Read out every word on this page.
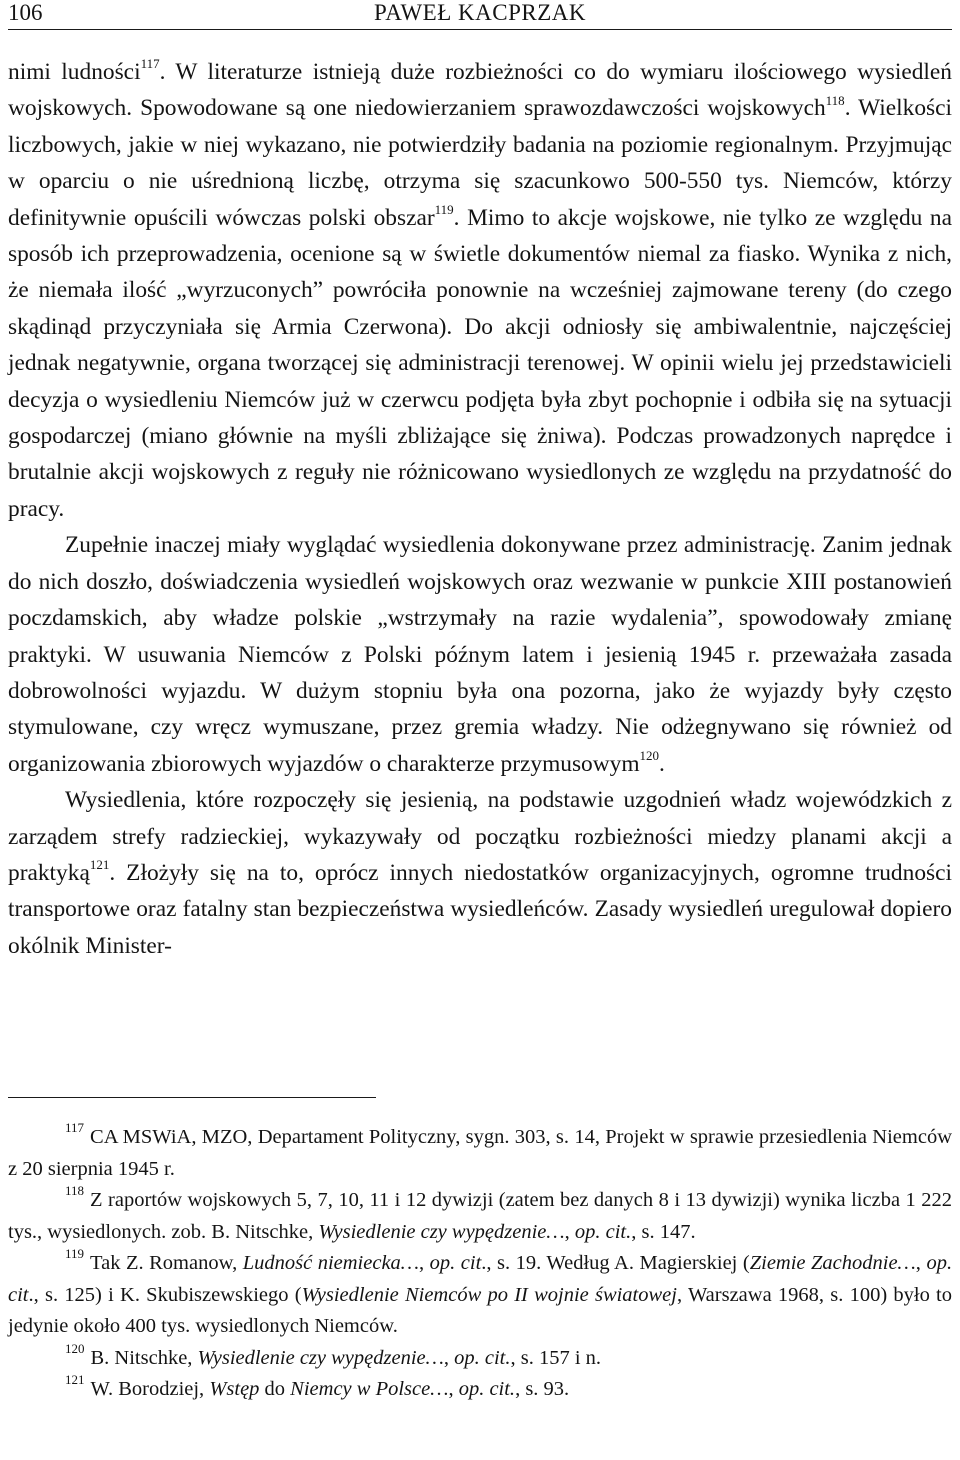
106	PAWEŁ KACPRZAK

nimi ludności$^{117}$. W literaturze istnieją duże rozbieżności co do wymiaru ilościowego wysiedleń wojskowych. Spowodowane są one niedowierzaniem sprawozdawczości wojskowych$^{118}$. Wielkości liczbowych, jakie w niej wykazano, nie potwierdziły badania na poziomie regionalnym. Przyjmując w oparciu o nie uśrednioną liczbę, otrzyma się szacunkowo 500-550 tys. Niemców, którzy definitywnie opuścili wówczas polski obszar$^{119}$. Mimo to akcje wojskowe, nie tylko ze względu na sposób ich przeprowadzenia, ocenione są w świetle dokumentów niemal za fiasko. Wynika z nich, że niemała ilość „wyrzuconych” powróciła ponownie na wcześniej zajmowane tereny (do czego skądinąd przyczyniała się Armia Czerwona). Do akcji odniosły się ambiwalentnie, najczęściej jednak negatywnie, organa tworzącej się administracji terenowej. W opinii wielu jej przedstawicieli decyzja o wysiedleniu Niemców już w czerwcu podjęta była zbyt pochopnie i odbiła się na sytuacji gospodarczej (miano głównie na myśli zbliżające się żniwa). Podczas prowadzonych naprędce i brutalnie akcji wojskowych z reguły nie różnicowano wysiedlonych ze względu na przydatność do pracy.

Zupełnie inaczej miały wyglądać wysiedlenia dokonywane przez administrację. Zanim jednak do nich doszło, doświadczenia wysiedleń wojskowych oraz wezwanie w punkcie XIII postanowień poczdamskich, aby władze polskie „wstrzymały na razie wydalenia”, spowodowały zmianę praktyki. W usuwania Niemców z Polski późnym latem i jesienią 1945 r. przeważała zasada dobrowolności wyjazdu. W dużym stopniu była ona pozorna, jako że wyjazdy były często stymulowane, czy wręcz wymuszane, przez gremia władzy. Nie odżegnywano się również od organizowania zbiorowych wyjazdów o charakterze przymusowym$^{120}$.

Wysiedlenia, które rozpoczęły się jesienią, na podstawie uzgodnień władz wojewódzkich z zarządem strefy radzieckiej, wykazywały od początku rozbieżności miedzy planami akcji a praktyką$^{121}$. Złożyły się na to, oprócz innych niedostatków organizacyjnych, ogromne trudności transportowe oraz fatalny stan bezpieczeństwa wysiedleńców. Zasady wysiedleń uregulował dopiero okólnik Minister-

$^{117}$ CA MSWiA, MZO, Departament Polityczny, sygn. 303, s. 14, Projekt w sprawie przesiedlenia Niemców z 20 sierpnia 1945 r.

$^{118}$ Z raportów wojskowych 5, 7, 10, 11 i 12 dywizji (zatem bez danych 8 i 13 dywizji) wynika liczba 1 222 tys., wysiedlonych. zob. B. Nitschke, Wysiedlenie czy wypędzenie…, op. cit., s. 147.

$^{119}$ Tak Z. Romanow, Ludność niemiecka…, op. cit., s. 19. Według A. Magierskiej (Ziemie Zachodnie…, op. cit., s. 125) i K. Skubiszewskiego (Wysiedlenie Niemców po II wojnie światowej, Warszawa 1968, s. 100) było to jedynie około 400 tys. wysiedlonych Niemców.

$^{120}$ B. Nitschke, Wysiedlenie czy wypędzenie…, op. cit., s. 157 i n.

$^{121}$ W. Borodziej, Wstęp do Niemcy w Polsce…, op. cit., s. 93.
